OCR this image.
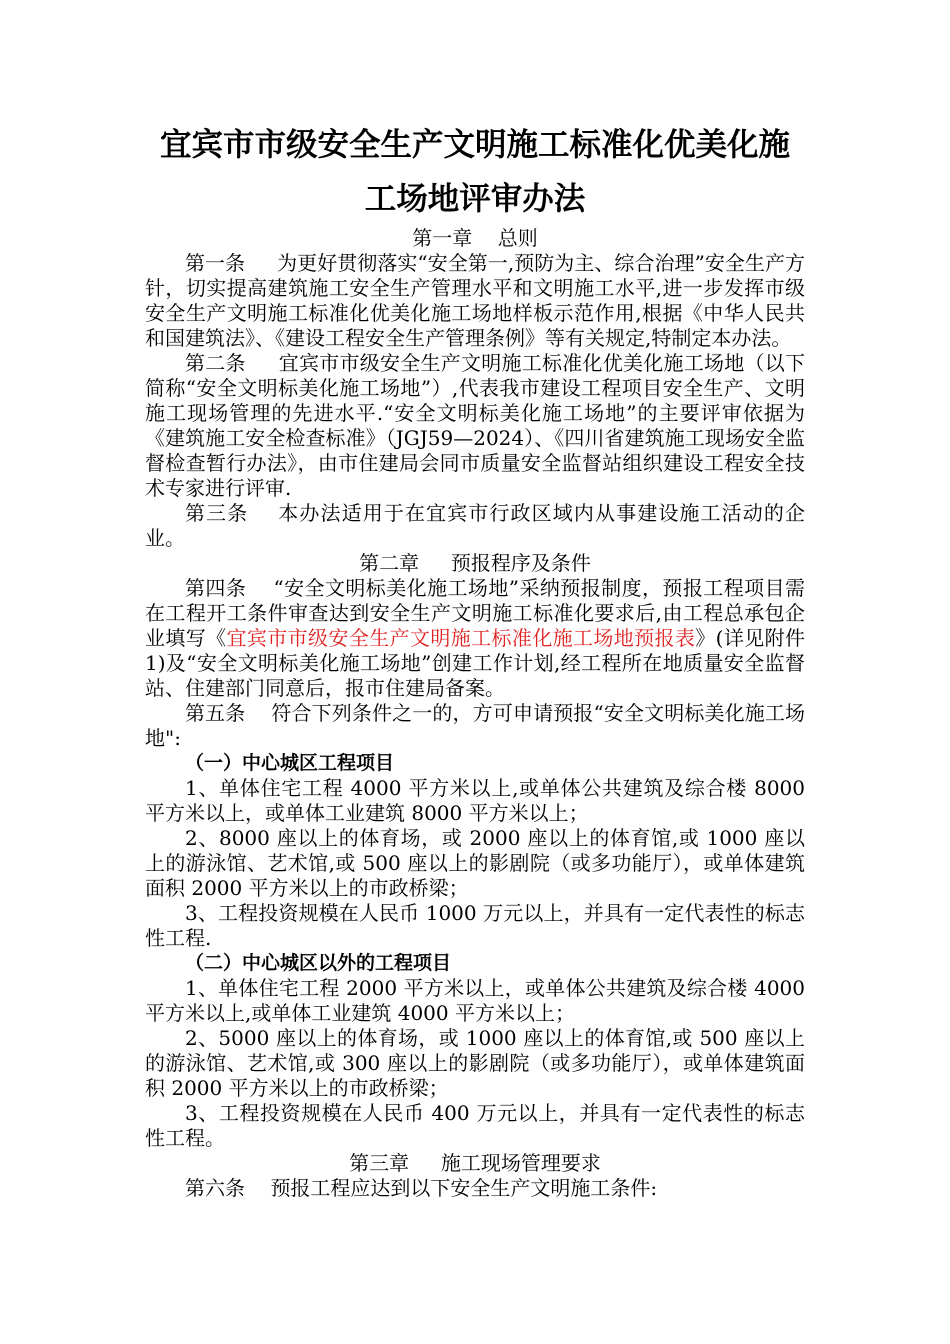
宜宾市市级安全生产文明施工标准化优美化施工场地评审办法

第一章    总则

第一条 为更好贯彻落实“安全第一,预防为主、综合治理”安全生产方针，切实提高建筑施工安全生产管理水平和文明施工水平,进一步发挥市级安全生产文明施工标准化优美化施工场地样板示范作用,根据《中华人民共和国建筑法》、《建设工程安全生产管理条例》等有关规定,特制定本办法。

第二条 宜宾市市级安全生产文明施工标准化优美化施工场地（以下简称“安全文明标美化施工场地”）,代表我市建设工程项目安全生产、文明施工现场管理的先进水平.“安全文明标美化施工场地”的主要评审依据为《建筑施工安全检查标准》（JGJ59—2024）、《四川省建筑施工现场安全监督检查暂行办法》，由市住建局会同市质量安全监督站组织建设工程安全技术专家进行评审.

第三条 本办法适用于在宜宾市行政区域内从事建设施工活动的企业。

第二章     预报程序及条件

第四条 “安全文明标美化施工场地”采纳预报制度，预报工程项目需在工程开工条件审查达到安全生产文明施工标准化要求后,由工程总承包企业填写《宜宾市市级安全生产文明施工标准化施工场地预报表》(详见附件 1)及“安全文明标美化施工场地”创建工作计划,经工程所在地质量安全监督站、住建部门同意后，报市住建局备案。

第五条 符合下列条件之一的，方可申请预报“安全文明标美化施工场地":

（一）中心城区工程项目

1、单体住宅工程 4000 平方米以上,或单体公共建筑及综合楼 8000 平方米以上，或单体工业建筑 8000 平方米以上；

2、8000 座以上的体育场，或 2000 座以上的体育馆,或 1000 座以上的游泳馆、艺术馆,或 500 座以上的影剧院（或多功能厅），或单体建筑面积 2000 平方米以上的市政桥梁；

3、工程投资规模在人民币 1000 万元以上，并具有一定代表性的标志性工程.

（二）中心城区以外的工程项目

1、单体住宅工程 2000 平方米以上，或单体公共建筑及综合楼 4000 平方米以上,或单体工业建筑 4000 平方米以上；

2、5000 座以上的体育场，或 1000 座以上的体育馆,或 500 座以上的游泳馆、艺术馆,或 300 座以上的影剧院（或多功能厅），或单体建筑面积 2000 平方米以上的市政桥梁；

3、工程投资规模在人民币 400 万元以上，并具有一定代表性的标志性工程。

第三章     施工现场管理要求

第六条 预报工程应达到以下安全生产文明施工条件:
